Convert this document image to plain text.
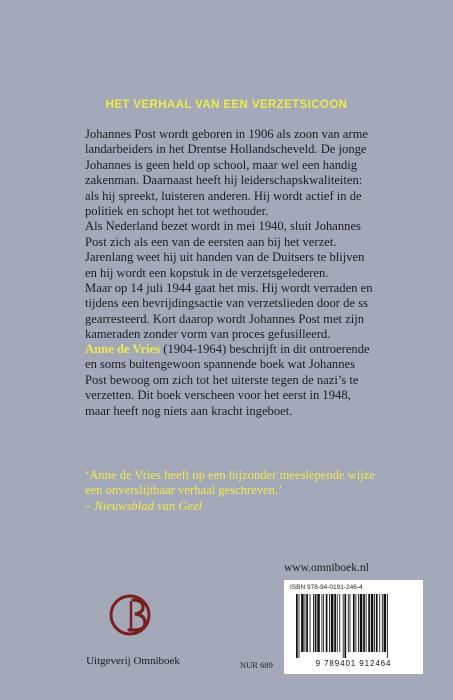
HET VERHAAL VAN EEN VERZETSICOON
Johannes Post wordt geboren in 1906 als zoon van arme landarbeiders in het Drentse Hollandscheveld. De jonge Johannes is geen held op school, maar wel een handig zakenman. Daarnaast heeft hij leiderschapskwaliteiten: als hij spreekt, luisteren anderen. Hij wordt actief in de politiek en schopt het tot wethouder.
Als Nederland bezet wordt in mei 1940, sluit Johannes Post zich als een van de eersten aan bij het verzet. Jarenlang weet hij uit handen van de Duitsers te blijven en hij wordt een kopstuk in de verzetsgelederen.
Maar op 14 juli 1944 gaat het mis. Hij wordt verraden en tijdens een bevrijdingsactie van verzetslieden door de ss gearresteerd. Kort daarop wordt Johannes Post met zijn kameraden zonder vorm van proces gefusilleerd.
Anne de Vries (1904-1964) beschrijft in dit ontroerende en soms buitengewoon spannende boek wat Johannes Post bewoog om zich tot het uiterste tegen de nazi’s te verzetten. Dit boek verscheen voor het eerst in 1948, maar heeft nog niets aan kracht ingeboet.
‘Anne de Vries heeft op een bijzonder meeslepende wijze een onverslijtbaar verhaal geschreven.’
– Nieuwsblad van Geel
www.omniboek.nl
ISBN 978-94-0191-246-4
9 789401 912464
NUR 689
Uitgeverij Omniboek
